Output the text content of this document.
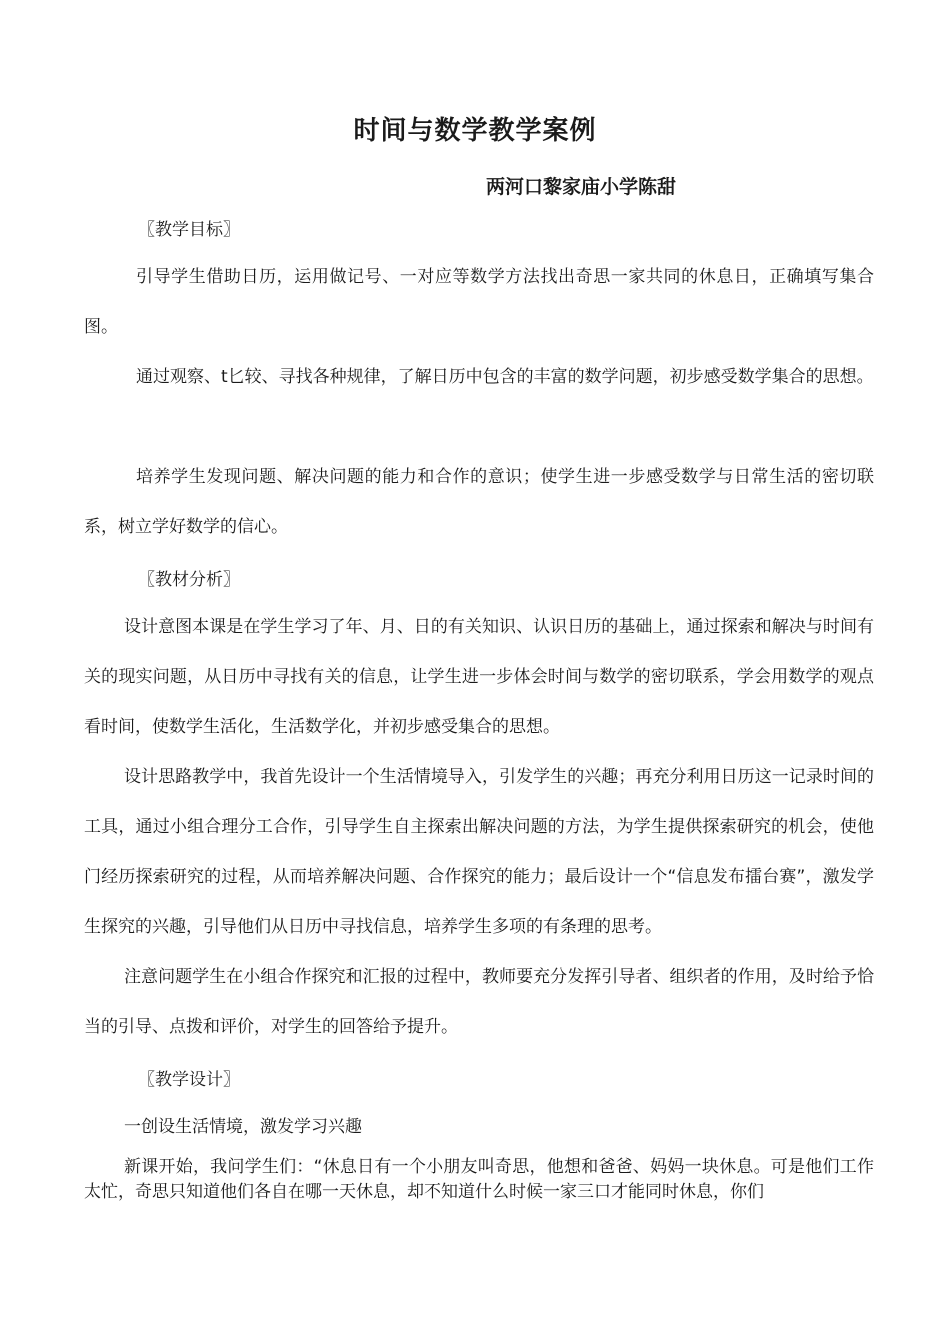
时间与数学教学案例
两河口黎家庙小学陈甜
〖教学目标〗
引导学生借助日历，运用做记号、一对应等数学方法找出奇思一家共同的休息日，正确填写集合图。
通过观察、t匕较、寻找各种规律，了解日历中包含的丰富的数学问题，初步感受数学集合的思想。
培养学生发现问题、解决问题的能力和合作的意识；使学生进一步感受数学与日常生活的密切联系，树立学好数学的信心。
〖教材分析〗
设计意图本课是在学生学习了年、月、日的有关知识、认识日历的基础上，通过探索和解决与时间有关的现实问题，从日历中寻找有关的信息，让学生进一步体会时间与数学的密切联系，学会用数学的观点看时间，使数学生活化，生活数学化，并初步感受集合的思想。
设计思路教学中，我首先设计一个生活情境导入，引发学生的兴趣；再充分利用日历这一记录时间的工具，通过小组合理分工合作，引导学生自主探索出解决问题的方法，为学生提供探索研究的机会，使他门经历探索研究的过程，从而培养解决问题、合作探究的能力；最后设计一个“信息发布擂台赛”，激发学生探究的兴趣，引导他们从日历中寻找信息，培养学生多项的有条理的思考。
注意问题学生在小组合作探究和汇报的过程中，教师要充分发挥引导者、组织者的作用，及时给予恰当的引导、点拨和评价，对学生的回答给予提升。
〖教学设计〗
一创设生活情境，激发学习兴趣
新课开始，我问学生们：“休息日有一个小朋友叫奇思，他想和爸爸、妈妈一块休息。可是他们工作太忙，奇思只知道他们各自在哪一天休息，却不知道什么时候一家三口才能同时休息，你们
